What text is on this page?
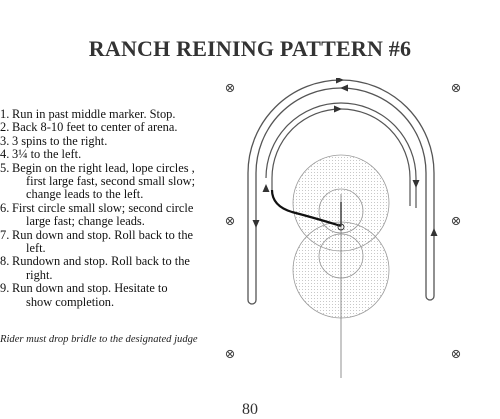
RANCH REINING PATTERN #6
1. Run in past middle marker. Stop.
2. Back 8-10 feet to center of arena.
3. 3 spins to the right.
4. 3¼ to the left.
5. Begin on the right lead, lope circles ,
first large fast, second small slow;
change leads to the left.
6. First circle small slow; second circle
large fast; change leads.
7. Run down and stop. Roll back to the
left.
8. Rundown and stop. Roll back to the
right.
9. Run down and stop. Hesitate to
show completion.
Rider must drop bridle to the designated judge
80
